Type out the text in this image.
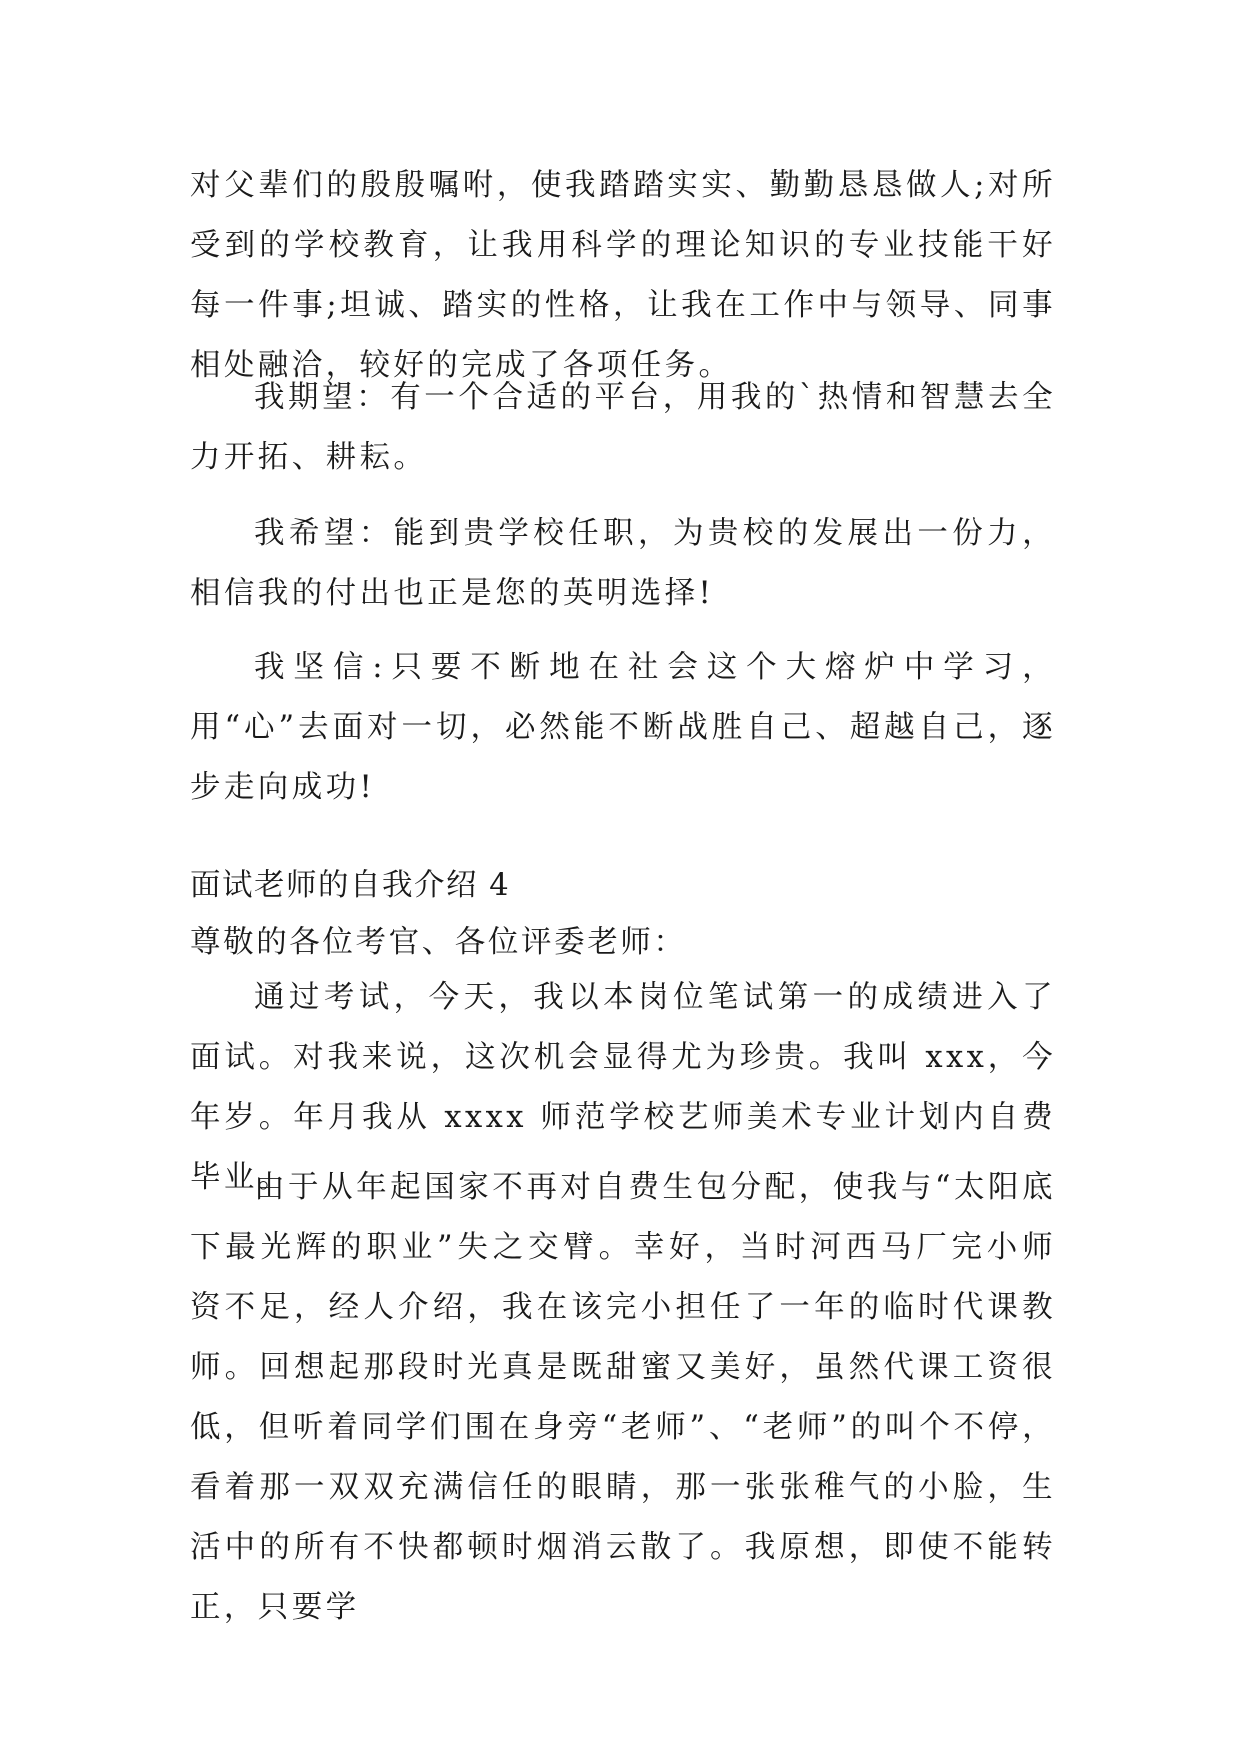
对父辈们的殷殷嘱咐，使我踏踏实实、勤勤恳恳做人;对所受到的学校教育，让我用科学的理论知识的专业技能干好每一件事;坦诚、踏实的性格，让我在工作中与领导、同事相处融洽，较好的完成了各项任务。

我期望：有一个合适的平台，用我的`热情和智慧去全力开拓、耕耘。

我希望：能到贵学校任职，为贵校的发展出一份力，相信我的付出也正是您的英明选择!

我坚信:只要不断地在社会这个大熔炉中学习，用“心”去面对一切，必然能不断战胜自己、超越自己，逐步走向成功!

面试老师的自我介绍 4

尊敬的各位考官、各位评委老师：

通过考试，今天，我以本岗位笔试第一的成绩进入了面试。对我来说，这次机会显得尤为珍贵。我叫 xxx，今年岁。年月我从 xxxx 师范学校艺师美术专业计划内自费毕业。

由于从年起国家不再对自费生包分配，使我与“太阳底下最光辉的职业”失之交臂。幸好，当时河西马厂完小师资不足，经人介绍，我在该完小担任了一年的临时代课教师。回想起那段时光真是既甜蜜又美好，虽然代课工资很低，但听着同学们围在身旁“老师”、“老师”的叫个不停，看着那一双双充满信任的眼睛，那一张张稚气的小脸，生活中的所有不快都顿时烟消云散了。我原想，即使不能转正，只要学
